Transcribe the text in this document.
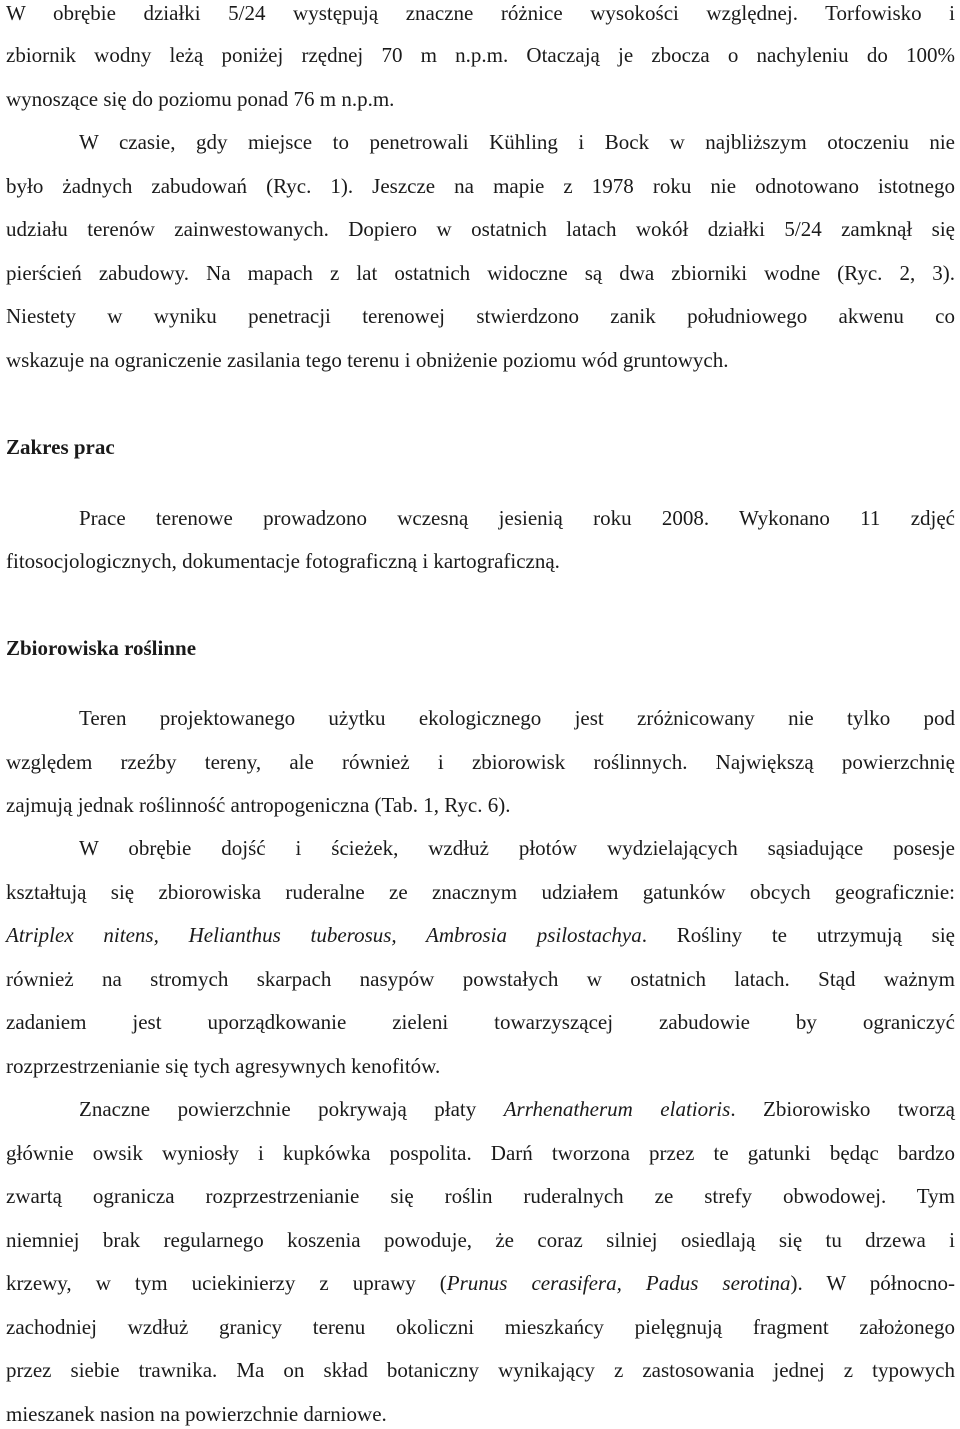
W obrębie działki 5/24 występują znaczne różnice wysokości względnej. Torfowisko i
zbiornik wodny leżą poniżej rzędnej 70 m n.p.m. Otaczają je zbocza o nachyleniu do 100%
wynoszące się do poziomu ponad 76 m n.p.m.
W czasie, gdy miejsce to penetrowali Kühling i Bock w najbliższym otoczeniu nie
było żadnych zabudowań (Ryc. 1). Jeszcze na mapie z 1978 roku nie odnotowano istotnego
udziału terenów zainwestowanych. Dopiero w ostatnich latach wokół działki 5/24 zamknął się
pierścień zabudowy. Na mapach z lat ostatnich widoczne są dwa zbiorniki wodne (Ryc. 2, 3).
Niestety w wyniku penetracji terenowej stwierdzono zanik południowego akwenu co
wskazuje na ograniczenie zasilania tego terenu i obniżenie poziomu wód gruntowych.
Zakres prac
Prace terenowe prowadzono wczesną jesienią roku 2008. Wykonano 11 zdjęć
fitosocjologicznych, dokumentacje fotograficzną i kartograficzną.
Zbiorowiska roślinne
Teren projektowanego użytku ekologicznego jest zróżnicowany nie tylko pod
względem rzeźby tereny, ale również i zbiorowisk roślinnych. Największą powierzchnię
zajmują jednak roślinność antropogeniczna (Tab. 1, Ryc. 6).
W obrębie dojść i ścieżek, wzdłuż płotów wydzielających sąsiadujące posesje
kształtują się zbiorowiska ruderalne ze znacznym udziałem gatunków obcych geograficznie:
Atriplex nitens, Helianthus tuberosus, Ambrosia psilostachya. Rośliny te utrzymują się
również na stromych skarpach nasypów powstałych w ostatnich latach. Stąd ważnym
zadaniem jest uporządkowanie zieleni towarzyszącej zabudowie by ograniczyć
rozprzestrzenianie się tych agresywnych kenofitów.
Znaczne powierzchnie pokrywają płaty Arrhenatherum elatioris. Zbiorowisko tworzą
głównie owsik wyniosły i kupkówka pospolita. Darń tworzona przez te gatunki będąc bardzo
zwartą ogranicza rozprzestrzenianie się roślin ruderalnych ze strefy obwodowej. Tym
niemniej brak regularnego koszenia powoduje, że coraz silniej osiedlają się tu drzewa i
krzewy, w tym uciekinierzy z uprawy (Prunus cerasifera, Padus serotina). W północno-
zachodniej wzdłuż granicy terenu okoliczni mieszkańcy pielęgnują fragment założonego
przez siebie trawnika. Ma on skład botaniczny wynikający z zastosowania jednej z typowych
mieszanek nasion na powierzchnie darniowe.
